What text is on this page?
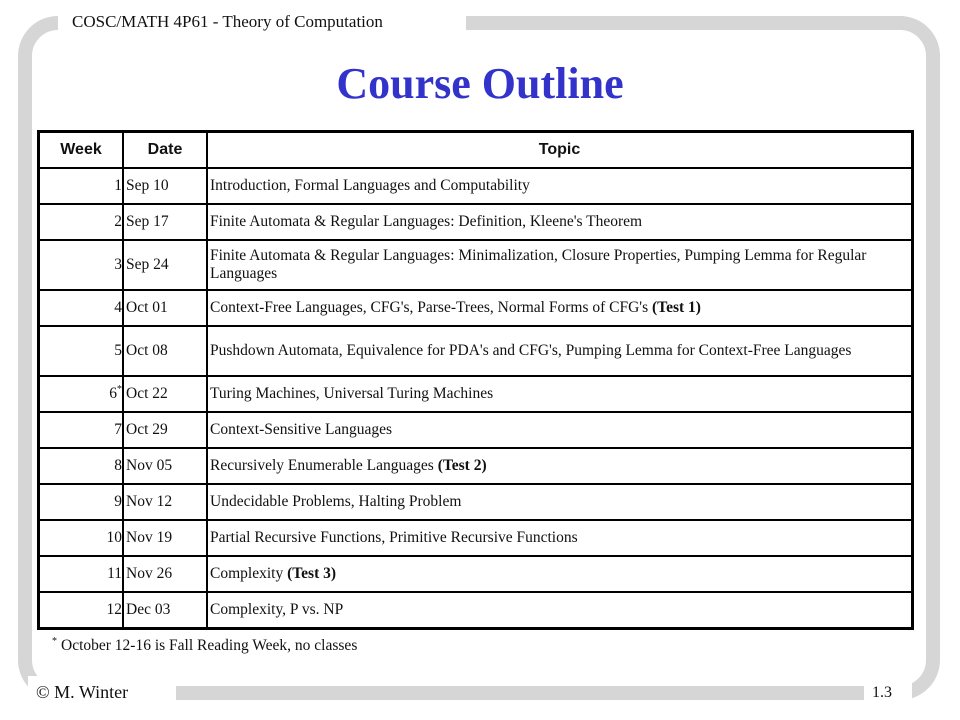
COSC/MATH 4P61 - Theory of Computation
Course Outline
Week	Date	Topic
1	Sep 10	Introduction, Formal Languages and Computability
2	Sep 17	Finite Automata & Regular Languages: Definition, Kleene's Theorem
3	Sep 24	Finite Automata & Regular Languages: Minimalization, Closure Properties, Pumping Lemma for Regular Languages
4	Oct 01	Context-Free Languages, CFG's, Parse-Trees, Normal Forms of CFG's (Test 1)
5	Oct 08	Pushdown Automata, Equivalence for PDA's and CFG's, Pumping Lemma for Context-Free Languages
6*	Oct 22	Turing Machines, Universal Turing Machines
7	Oct 29	Context-Sensitive Languages
8	Nov 05	Recursively Enumerable Languages (Test 2)
9	Nov 12	Undecidable Problems, Halting Problem
10	Nov 19	Partial Recursive Functions, Primitive Recursive Functions
11	Nov 26	Complexity (Test 3)
12	Dec 03	Complexity, P vs. NP
* October 12-16 is Fall Reading Week, no classes
© M. Winter	1.3
